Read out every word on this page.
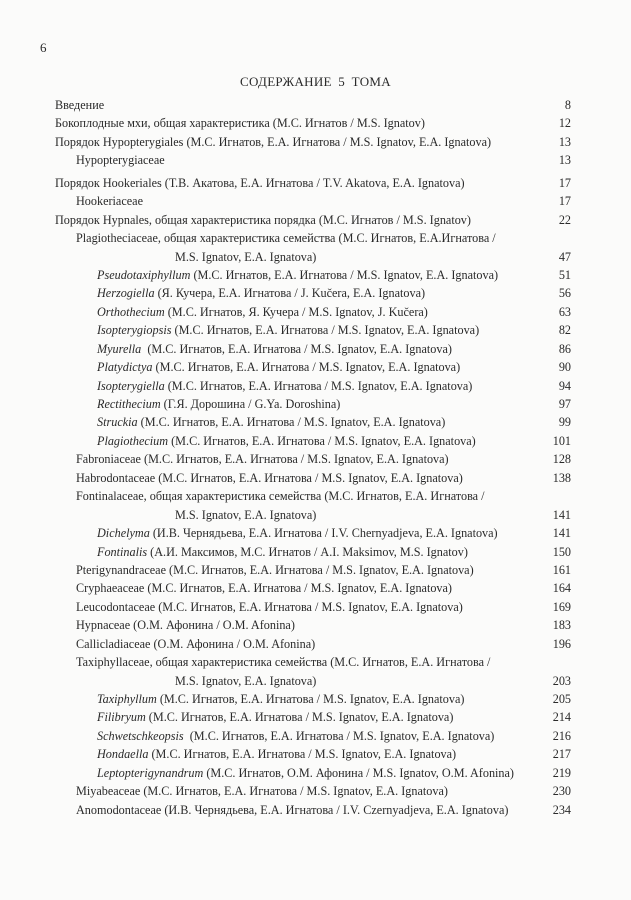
6
СОДЕРЖАНИЕ 5 ТОМА
Введение	8
Бокоплодные мхи, общая характеристика (М.С. Игнатов / M.S. Ignatov)	12
Порядок Hypopterygiales (М.С. Игнатов, Е.А. Игнатова / M.S. Ignatov, E.A. Ignatova)	13
Hypopterygiaceae	13
Порядок Hookeriales (Т.В. Акатова, Е.А. Игнатова / T.V. Akatova, E.A. Ignatova)	17
Hookeriaceae	17
Порядок Hypnales, общая характеристика порядка (М.С. Игнатов / M.S. Ignatov)	22
Plagiotheciaceae, общая характеристика семейства (М.С. Игнатов, Е.А.Игнатова /
M.S. Ignatov, E.A. Ignatova)	47
Pseudotaxiphyllum (М.С. Игнатов, Е.А. Игнатова / M.S. Ignatov, E.A. Ignatova)	51
Herzogiella (Я. Кучера, Е.А. Игнатова / J. Kučera, E.A. Ignatova)	56
Orthothecium (М.С. Игнатов, Я. Кучера / M.S. Ignatov, J. Kučera)	63
Isopterygiopsis (М.С. Игнатов, Е.А. Игнатова / M.S. Ignatov, E.A. Ignatova)	82
Myurella  (М.С. Игнатов, Е.А. Игнатова / M.S. Ignatov, E.A. Ignatova)	86
Platydictya (М.С. Игнатов, Е.А. Игнатова / M.S. Ignatov, E.A. Ignatova)	90
Isopterygiella (М.С. Игнатов, Е.А. Игнатова / M.S. Ignatov, E.A. Ignatova)	94
Rectithecium (Г.Я. Дорошина / G.Ya. Doroshina)	97
Struckia (М.С. Игнатов, Е.А. Игнатова / M.S. Ignatov, E.A. Ignatova)	99
Plagiothecium (М.С. Игнатов, Е.А. Игнатова / M.S. Ignatov, E.A. Ignatova)	101
Fabroniaceae (М.С. Игнатов, Е.А. Игнатова / M.S. Ignatov, E.A. Ignatova)	128
Habrodontaceae (М.С. Игнатов, Е.А. Игнатова / M.S. Ignatov, E.A. Ignatova)	138
Fontinalaceae, общая характеристика семейства (М.С. Игнатов, Е.А. Игнатова /
M.S. Ignatov, E.A. Ignatova)	141
Dichelyma (И.В. Чернядьева, Е.А. Игнатова / I.V. Chernyadjeva, E.A. Ignatova)	141
Fontinalis (А.И. Максимов, М.С. Игнатов / A.I. Maksimov, M.S. Ignatov)	150
Pterigynandraceae (М.С. Игнатов, Е.А. Игнатова / M.S. Ignatov, E.A. Ignatova)	161
Cryphaeaceae (М.С. Игнатов, Е.А. Игнатова / M.S. Ignatov, E.A. Ignatova)	164
Leucodontaceae (М.С. Игнатов, Е.А. Игнатова / M.S. Ignatov, E.A. Ignatova)	169
Hypnaceae (О.М. Афонина / O.M. Afonina)	183
Callicladiaceae (О.М. Афонина / O.M. Afonina)	196
Taxiphyllaceae, общая характеристика семейства (М.С. Игнатов, Е.А. Игнатова /
M.S. Ignatov, E.A. Ignatova)	203
Taxiphyllum (М.С. Игнатов, Е.А. Игнатова / M.S. Ignatov, E.A. Ignatova)	205
Filibryum (М.С. Игнатов, Е.А. Игнатова / M.S. Ignatov, E.A. Ignatova)	214
Schwetschkeopsis  (М.С. Игнатов, Е.А. Игнатова / M.S. Ignatov, E.A. Ignatova)	216
Hondaella (М.С. Игнатов, Е.А. Игнатова / M.S. Ignatov, E.A. Ignatova)	217
Leptopterigynandrum (М.С. Игнатов, О.М. Афонина / M.S. Ignatov, O.M. Afonina)	219
Miyabeaceae (М.С. Игнатов, Е.А. Игнатова / M.S. Ignatov, E.A. Ignatova)	230
Anomodontaceae (И.В. Чернядьева, Е.А. Игнатова / I.V. Czernyadjeva, E.A. Ignatova)	234
